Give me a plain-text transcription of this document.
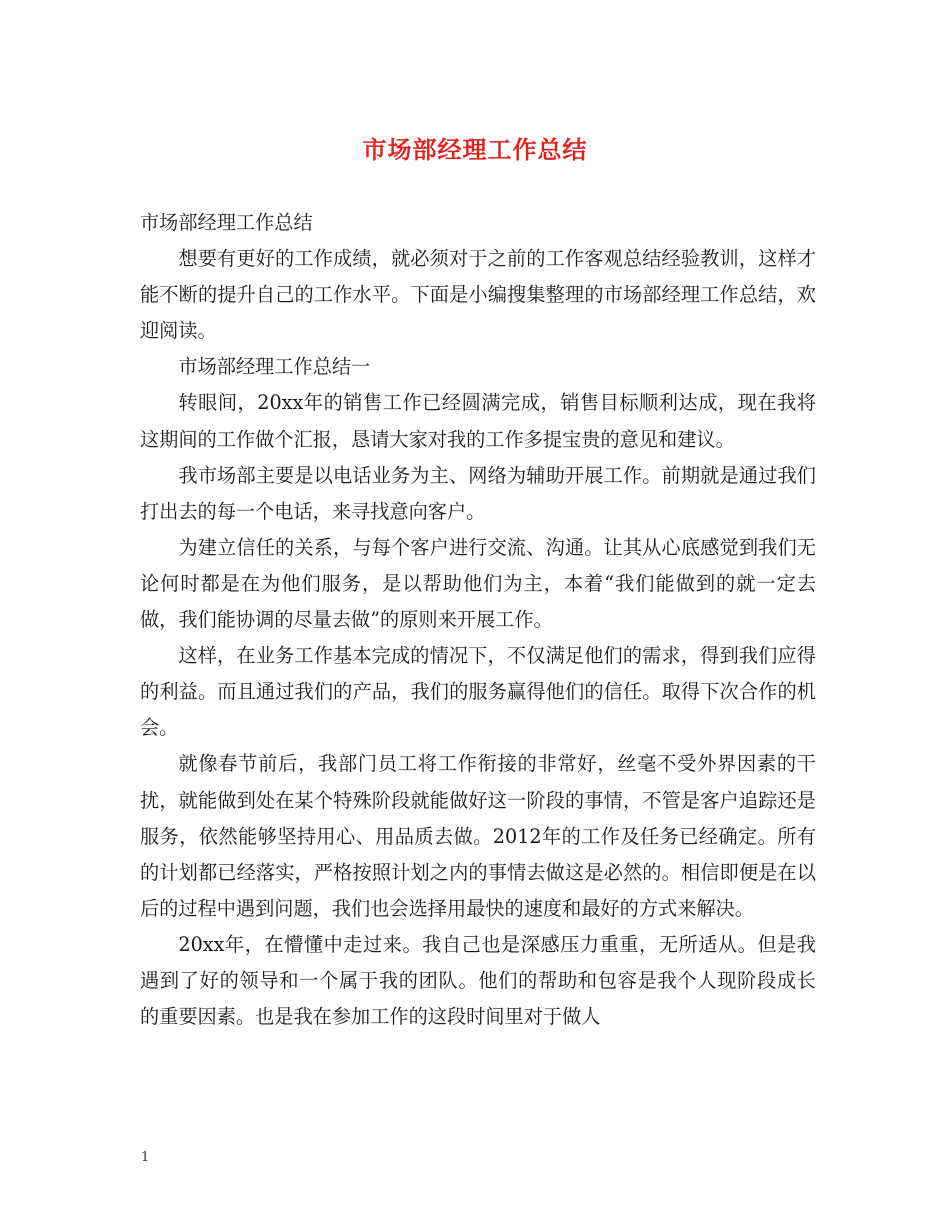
市场部经理工作总结

市场部经理工作总结

想要有更好的工作成绩，就必须对于之前的工作客观总结经验教训，这样才能不断的提升自己的工作水平。下面是小编搜集整理的市场部经理工作总结，欢迎阅读。

市场部经理工作总结一

转眼间，20xx年的销售工作已经圆满完成，销售目标顺利达成，现在我将这期间的工作做个汇报，恳请大家对我的工作多提宝贵的意见和建议。

我市场部主要是以电话业务为主、网络为辅助开展工作。前期就是通过我们打出去的每一个电话，来寻找意向客户。

为建立信任的关系，与每个客户进行交流、沟通。让其从心底感觉到我们无论何时都是在为他们服务，是以帮助他们为主，本着“我们能做到的就一定去做，我们能协调的尽量去做”的原则来开展工作。

这样，在业务工作基本完成的情况下，不仅满足他们的需求，得到我们应得的利益。而且通过我们的产品，我们的服务赢得他们的信任。取得下次合作的机会。

就像春节前后，我部门员工将工作衔接的非常好，丝毫不受外界因素的干扰，就能做到处在某个特殊阶段就能做好这一阶段的事情，不管是客户追踪还是服务，依然能够坚持用心、用品质去做。2012年的工作及任务已经确定。所有的计划都已经落实，严格按照计划之内的事情去做这是必然的。相信即便是在以后的过程中遇到问题，我们也会选择用最快的速度和最好的方式来解决。

20xx年，在懵懂中走过来。我自己也是深感压力重重，无所适从。但是我遇到了好的领导和一个属于我的团队。他们的帮助和包容是我个人现阶段成长 的重要因素。也是我在参加工作的这段时间里对于做人

1
